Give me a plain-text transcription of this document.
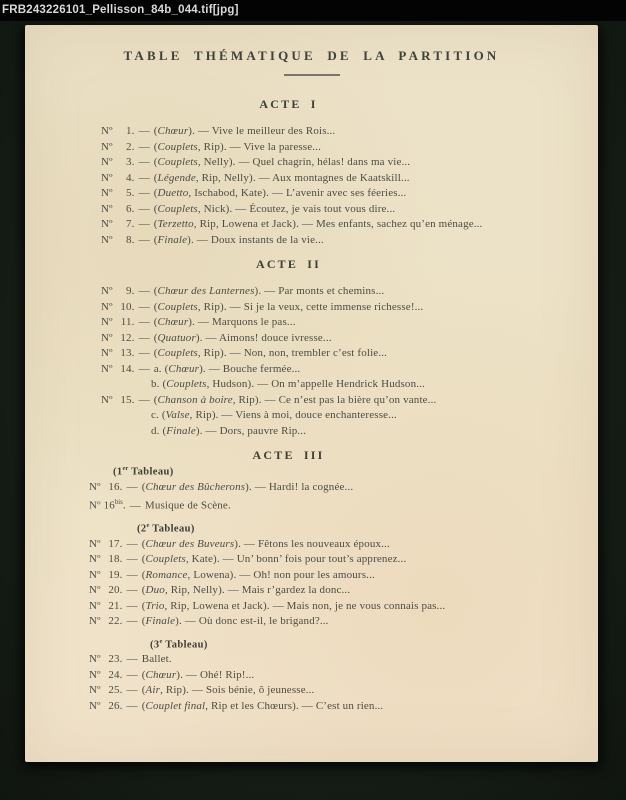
FRB243226101_Pellisson_84b_044.tif[jpg]
TABLE THÉMATIQUE DE LA PARTITION
ACTE I
Nº 1. — (Chœur). — Vive le meilleur des Rois...
Nº 2. — (Couplets, Rip). — Vive la paresse...
Nº 3. — (Couplets, Nelly). — Quel chagrin, hélas! dans ma vie...
Nº 4. — (Légende, Rip, Nelly). — Aux montagnes de Kaatskill...
Nº 5. — (Duetto, Ischabod, Kate). — L’avenir avec ses féeries...
Nº 6. — (Couplets, Nick). — Écoutez, je vais tout vous dire...
Nº 7. — (Terzetto, Rip, Lowena et Jack). — Mes enfants, sachez qu’en ménage...
Nº 8. — (Finale). — Doux instants de la vie...
ACTE II
Nº 9. — (Chœur des Lanternes). — Par monts et chemins...
Nº 10. — (Couplets, Rip). — Si je la veux, cette immense richesse!...
Nº 11. — (Chœur). — Marquons le pas...
Nº 12. — (Quatuor). — Aimons! douce ivresse...
Nº 13. — (Couplets, Rip). — Non, non, trembler c’est folie...
Nº 14. — a. (Chœur). — Bouche fermée...
b. (Couplets, Hudson). — On m’appelle Hendrick Hudson...
Nº 15. — (Chanson à boire, Rip). — Ce n’est pas la bière qu’on vante...
c. (Valse, Rip). — Viens à moi, douce enchanteresse...
d. (Finale). — Dors, pauvre Rip...
ACTE III
(1er Tableau)
Nº 16. — (Chœur des Bûcherons). — Hardi! la cognée...
Nº $16^{bis}$. — Musique de Scène.
(2e Tableau)
Nº 17. — (Chœur des Buveurs). — Fêtons les nouveaux époux...
Nº 18. — (Couplets, Kate). — Un’ bonn’ fois pour tout’s apprenez...
Nº 19. — (Romance, Lowena). — Oh! non pour les amours...
Nº 20. — (Duo, Rip, Nelly). — Mais r’gardez la donc...
Nº 21. — (Trio, Rip, Lowena et Jack). — Mais non, je ne vous connais pas...
Nº 22. — (Finale). — Où donc est-il, le brigand?...
(3e Tableau)
Nº 23. — Ballet.
Nº 24. — (Chœur). — Ohé! Rip!...
Nº 25. — (Air, Rip). — Sois bénie, ô jeunesse...
Nº 26. — (Couplet final, Rip et les Chœurs). — C’est un rien...
